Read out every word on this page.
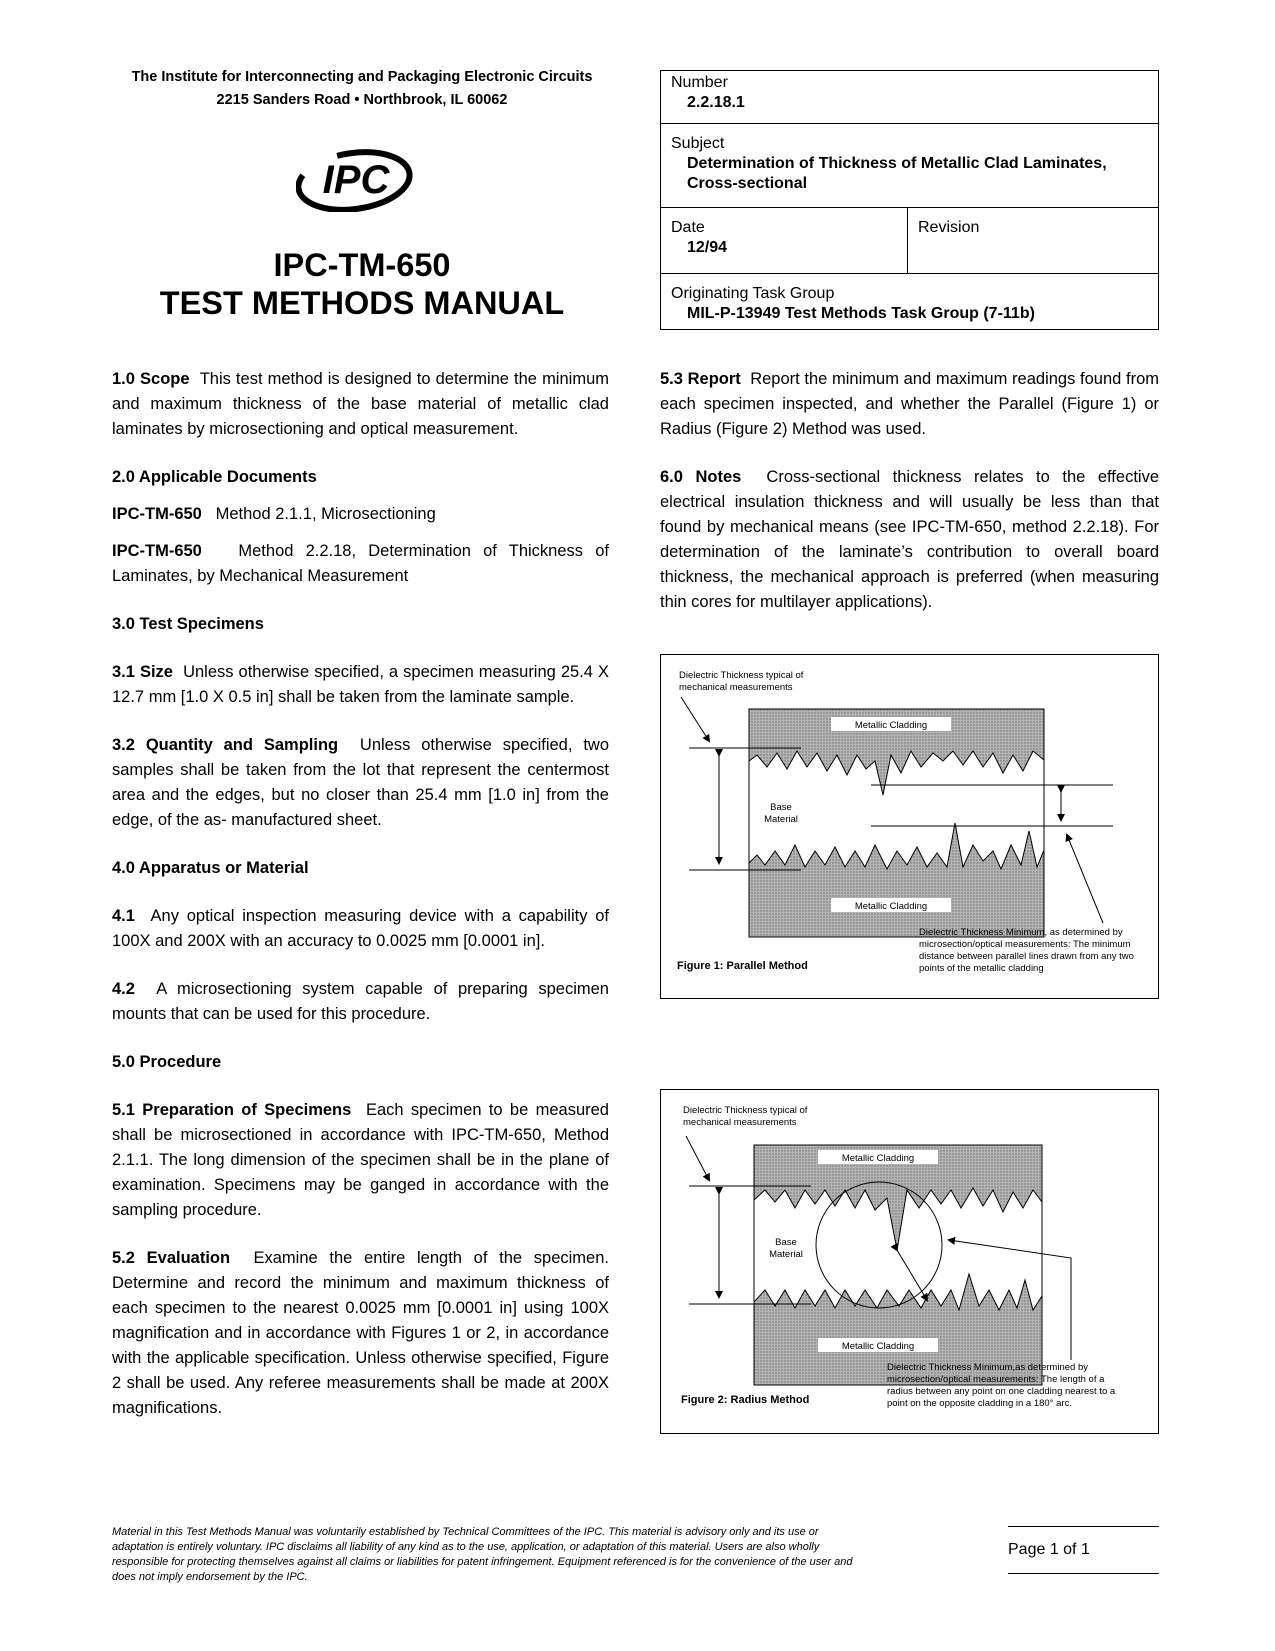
The Institute for Interconnecting and Packaging Electronic Circuits
2215 Sanders Road • Northbrook, IL 60062
IPC
IPC-TM-650
TEST METHODS MANUAL
Number
2.2.18.1
Subject
Determination of Thickness of Metallic Clad Laminates, Cross-sectional
Date
12/94
Revision
Originating Task Group
MIL-P-13949 Test Methods Task Group (7-11b)

1.0 Scope This test method is designed to determine the minimum and maximum thickness of the base material of metallic clad laminates by microsectioning and optical measurement.

2.0 Applicable Documents

IPC-TM-650 Method 2.1.1, Microsectioning

IPC-TM-650 Method 2.2.18, Determination of Thickness of Laminates, by Mechanical Measurement

3.0 Test Specimens

3.1 Size Unless otherwise specified, a specimen measuring 25.4 X 12.7 mm [1.0 X 0.5 in] shall be taken from the laminate sample.

3.2 Quantity and Sampling Unless otherwise specified, two samples shall be taken from the lot that represent the centermost area and the edges, but no closer than 25.4 mm [1.0 in] from the edge, of the as- manufactured sheet.

4.0 Apparatus or Material

4.1 Any optical inspection measuring device with a capability of 100X and 200X with an accuracy to 0.0025 mm [0.0001 in].

4.2 A microsectioning system capable of preparing specimen mounts that can be used for this procedure.

5.0 Procedure

5.1 Preparation of Specimens Each specimen to be measured shall be microsectioned in accordance with IPC-TM-650, Method 2.1.1. The long dimension of the specimen shall be in the plane of examination. Specimens may be ganged in accordance with the sampling procedure.

5.2 Evaluation Examine the entire length of the specimen. Determine and record the minimum and maximum thickness of each specimen to the nearest 0.0025 mm [0.0001 in] using 100X magnification and in accordance with Figures 1 or 2, in accordance with the applicable specification. Unless otherwise specified, Figure 2 shall be used. Any referee measurements shall be made at 200X magnifications.

5.3 Report Report the minimum and maximum readings found from each specimen inspected, and whether the Parallel (Figure 1) or Radius (Figure 2) Method was used.

6.0 Notes Cross-sectional thickness relates to the effective electrical insulation thickness and will usually be less than that found by mechanical means (see IPC-TM-650, method 2.2.18). For determination of the laminate’s contribution to overall board thickness, the mechanical approach is preferred (when measuring thin cores for multilayer applications).

Metallic Cladding
Metallic Cladding
Base
Material
Dielectric Thickness typical of mechanical measurements
Dielectric Thickness Minimum, as determined by microsection/optical measurements: The minimum distance between parallel lines drawn from any two points of the metallic cladding
Figure 1: Parallel Method
Metallic Cladding
Metallic Cladding
Base
Material
Dielectric Thickness typical of mechanical measurements
Dielectric Thickness Minimum,as determined by microsection/optical measurements: The length of a radius between any point on one cladding nearest to a point on the opposite cladding in a 180° arc.
Figure 2: Radius Method
Material in this Test Methods Manual was voluntarily established by Technical Committees of the IPC. This material is advisory only and its use or adaptation is entirely voluntary. IPC disclaims all liability of any kind as to the use, application, or adaptation of this material. Users are also wholly responsible for protecting themselves against all claims or liabilities for patent infringement. Equipment referenced is for the convenience of the user and does not imply endorsement by the IPC.
Page 1 of 1
